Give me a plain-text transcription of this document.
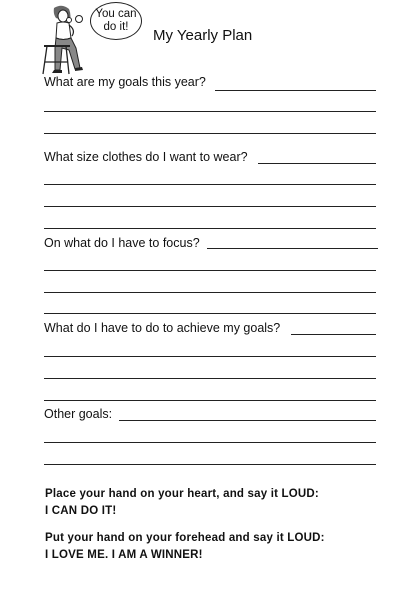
You can
do it! My Yearly Plan
What are my goals this year?
What size clothes do I want to wear?
On what do I have to focus?
What do I have to do to achieve my goals?
Other goals:
Place your hand on your heart, and say it LOUD:
I CAN DO IT!
Put your hand on your forehead and say it LOUD:
I LOVE ME. I AM A WINNER!
